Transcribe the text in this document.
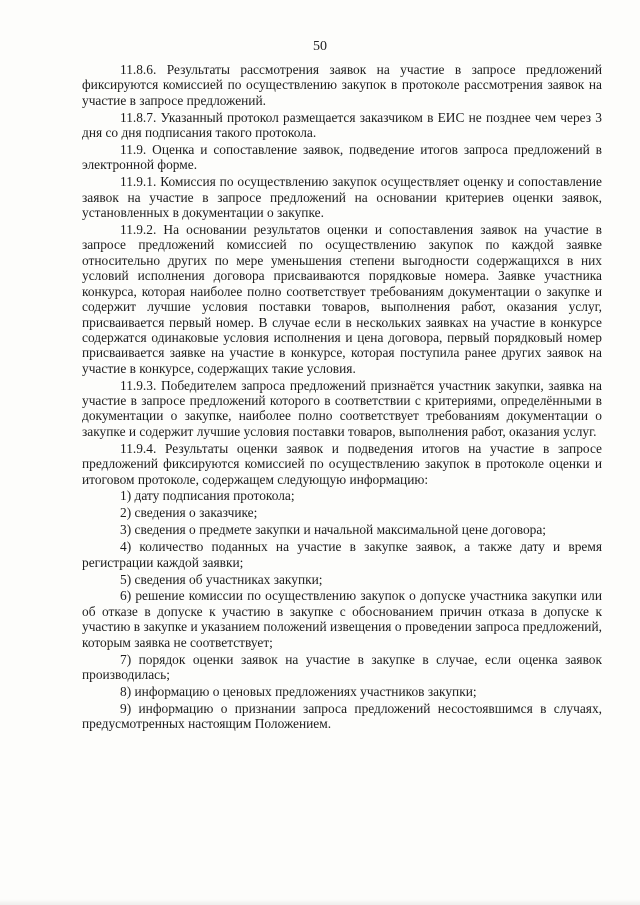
50

11.8.6. Результаты рассмотрения заявок на участие в запросе предложений фиксируются комиссией по осуществлению закупок в протоколе рассмотрения заявок на участие в запросе предложений.

11.8.7. Указанный протокол размещается заказчиком в ЕИС не позднее чем через 3 дня со дня подписания такого протокола.

11.9. Оценка и сопоставление заявок, подведение итогов запроса предложений в электронной форме.

11.9.1. Комиссия по осуществлению закупок осуществляет оценку и сопоставление заявок на участие в запросе предложений на основании критериев оценки заявок, установленных в документации о закупке.

11.9.2. На основании результатов оценки и сопоставления заявок на участие в запросе предложений комиссией по осуществлению закупок по каждой заявке относительно других по мере уменьшения степени выгодности содержащихся в них условий исполнения договора присваиваются порядковые номера. Заявке участника конкурса, которая наиболее полно соответствует требованиям документации о закупке и содержит лучшие условия поставки товаров, выполнения работ, оказания услуг, присваивается первый номер. В случае если в нескольких заявках на участие в конкурсе содержатся одинаковые условия исполнения и цена договора, первый порядковый номер присваивается заявке на участие в конкурсе, которая поступила ранее других заявок на участие в конкурсе, содержащих такие условия.

11.9.3. Победителем запроса предложений признаётся участник закупки, заявка на участие в запросе предложений которого в соответствии с критериями, определёнными в документации о закупке, наиболее полно соответствует требованиям документации о закупке и содержит лучшие условия поставки товаров, выполнения работ, оказания услуг.

11.9.4. Результаты оценки заявок и подведения итогов на участие в запросе предложений фиксируются комиссией по осуществлению закупок в протоколе оценки и итоговом протоколе, содержащем следующую информацию:

1) дату подписания протокола;

2) сведения о заказчике;

3) сведения о предмете закупки и начальной максимальной цене договора;

4) количество поданных на участие в закупке заявок, а также дату и время регистрации каждой заявки;

5) сведения об участниках закупки;

6) решение комиссии по осуществлению закупок о допуске участника закупки или об отказе в допуске к участию в закупке с обоснованием причин отказа в допуске к участию в закупке и указанием положений извещения о проведении запроса предложений, которым заявка не соответствует;

7) порядок оценки заявок на участие в закупке в случае, если оценка заявок производилась;

8) информацию о ценовых предложениях участников закупки;

9) информацию о признании запроса предложений несостоявшимся в случаях, предусмотренных настоящим Положением.
